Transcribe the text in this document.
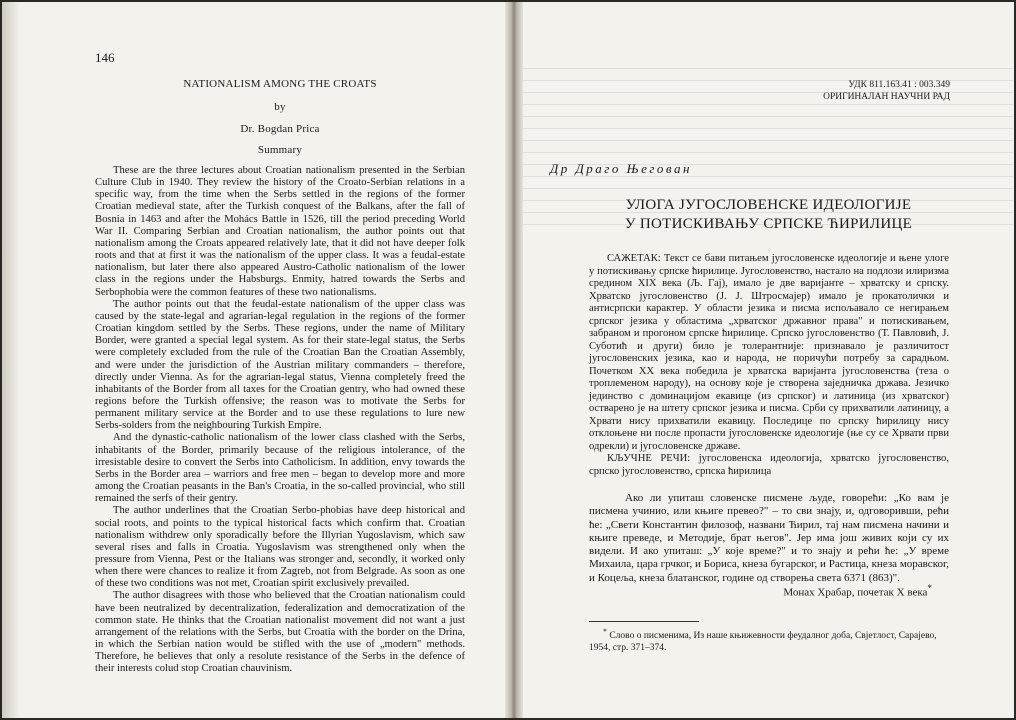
146
NATIONALISM AMONG THE CROATS
by
Dr. Bogdan Prica
Summary

These are the three lectures about Croatian nationalism presented in the Serbian Culture Club in 1940. They review the history of the Croato-Serbian relations in a specific way, from the time when the Serbs settled in the regions of the former Croatian medieval state, after the Turkish conquest of the Balkans, after the fall of Bosnia in 1463 and after the Mohács Battle in 1526, till the period preceding World War II. Comparing Serbian and Croatian nationalism, the author points out that nationalism among the Croats appeared relatively late, that it did not have deeper folk roots and that at first it was the nationalism of the upper class. It was a feudal-estate nationalism, but later there also appeared Austro-Catholic nationalism of the lower class in the regions under the Habsburgs. Enmity, hatred towards the Serbs and Serbophobia were the common features of these two nationalisms.

The author points out that the feudal-estate nationalism of the upper class was caused by the state-legal and agrarian-legal regulation in the regions of the former Croatian kingdom settled by the Serbs. These regions, under the name of Military Border, were granted a special legal system. As for their state-legal status, the Serbs were completely excluded from the rule of the Croatian Ban the Croatian Assembly, and were under the jurisdiction of the Austrian military commanders – therefore, directly under Vienna. As for the agrarian-legal status, Vienna completely freed the inhabitants of the Border from all taxes for the Croatian gentry, who had owned these regions before the Turkish offensive; the reason was to motivate the Serbs for permanent military service at the Border and to use these regulations to lure new Serbs-solders from the neighbouring Turkish Empire.

And the dynastic-catholic nationalism of the lower class clashed with the Serbs, inhabitants of the Border, primarily because of the religious intolerance, of the irresistable desire to convert the Serbs into Catholicism. In addition, envy towards the Serbs in the Border area – warriors and free men – began to develop more and more among the Croatian peasants in the Ban's Croatia, in the so-called provincial, who still remained the serfs of their gentry.

The author underlines that the Croatian Serbo-phobias have deep historical and social roots, and points to the typical historical facts which confirm that. Croatian nationalism withdrew only sporadically before the Illyrian Yugoslavism, which saw several rises and falls in Croatia. Yugoslavism was strengthened only when the pressure from Vienna, Pest or the Italians was stronger and, secondly, it worked only when there were chances to realize it from Zagreb, not from Belgrade. As soon as one of these two conditions was not met, Croatian spirit exclusively prevailed.

The author disagrees with those who believed that the Croatian nationalism could have been neutralized by decentralization, federalization and democratization of the common state. He thinks that the Croatian nationalist movement did not want a just arrangement of the relations with the Serbs, but Croatia with the border on the Drina, in which the Serbian nation would be stifled with the use of „modern" methods. Therefore, he believes that only a resolute resistance of the Serbs in the defence of their interests colud stop Croatian chauvinism.

УДК 811.163.41 : 003.349
ОРИГИНАЛАН НАУЧНИ РАД
Др Драго Његован
УЛОГА ЈУГОСЛОВЕНСКЕ ИДЕОЛОГИЈЕ
У ПОТИСКИВАЊУ СРПСКЕ ЋИРИЛИЦЕ

САЖЕТАК: Текст се бави питањем југословенске идеологије и њене улоге у потискивању српске ћирилице. Југословенство, настало на подлози илиризма средином XIX века (Љ. Гај), имало је две варијанте – хрватску и српску. Хрватско југословенство (Ј. Ј. Штросмајер) имало је прокатолички и антисрпски карактер. У области језика и писма испољавало се негирањем српског језика у областима „хрватског државног права" и потискивањем, забраном и прогоном српске ћирилице. Српско југословенство (Т. Павловић, Ј. Суботић и други) било је толерантније: признавало је различитост југословенских језика, као и народа, не поричући потребу за сарадњом. Почетком XX века победила је хрватска варијанта југословенства (теза о троплеменом народу), на основу које је створена заједничка држава. Језичко јединство с доминацијом екавице (из српског) и латиница (из хрватског) остварено је на штету српског језика и писма. Срби су прихватили латиницу, а Хрвати нису прихватили екавицу. Последице по српску ћирилицу нису отклоњене ни после пропасти југословенске идеологије (ње су се Хрвати први одрекли) и југословенске државе.

КЉУЧНЕ РЕЧИ: југословенска идеологија, хрватско југословенство, српско југословенство, српска ћирилица

Ако ли упиташ словенске писмене људе, говорећи: „Ко вам је писмена учинио, или књиге превео?" – то сви знају, и, одговоривши, рећи ће: „Свети Константин филозоф, названи Ћирил, тај нам писмена начини и књиге преведе, и Методије, брат његов". Јер има још живих који су их видели. И ако упиташ: „У које време?" и то знају и рећи ће: „У време Михаила, цара грчког, и Бориса, кнеза бугарског, и Растица, кнеза моравског, и Коцеља, кнеза блатанског, године од створења света 6371 (863)".

Монах Храбар, почетак X века*

* Слово о писменима, Из наше књижевности феудалног доба, Свјетлост, Сарајево, 1954, стр. 371–374.
